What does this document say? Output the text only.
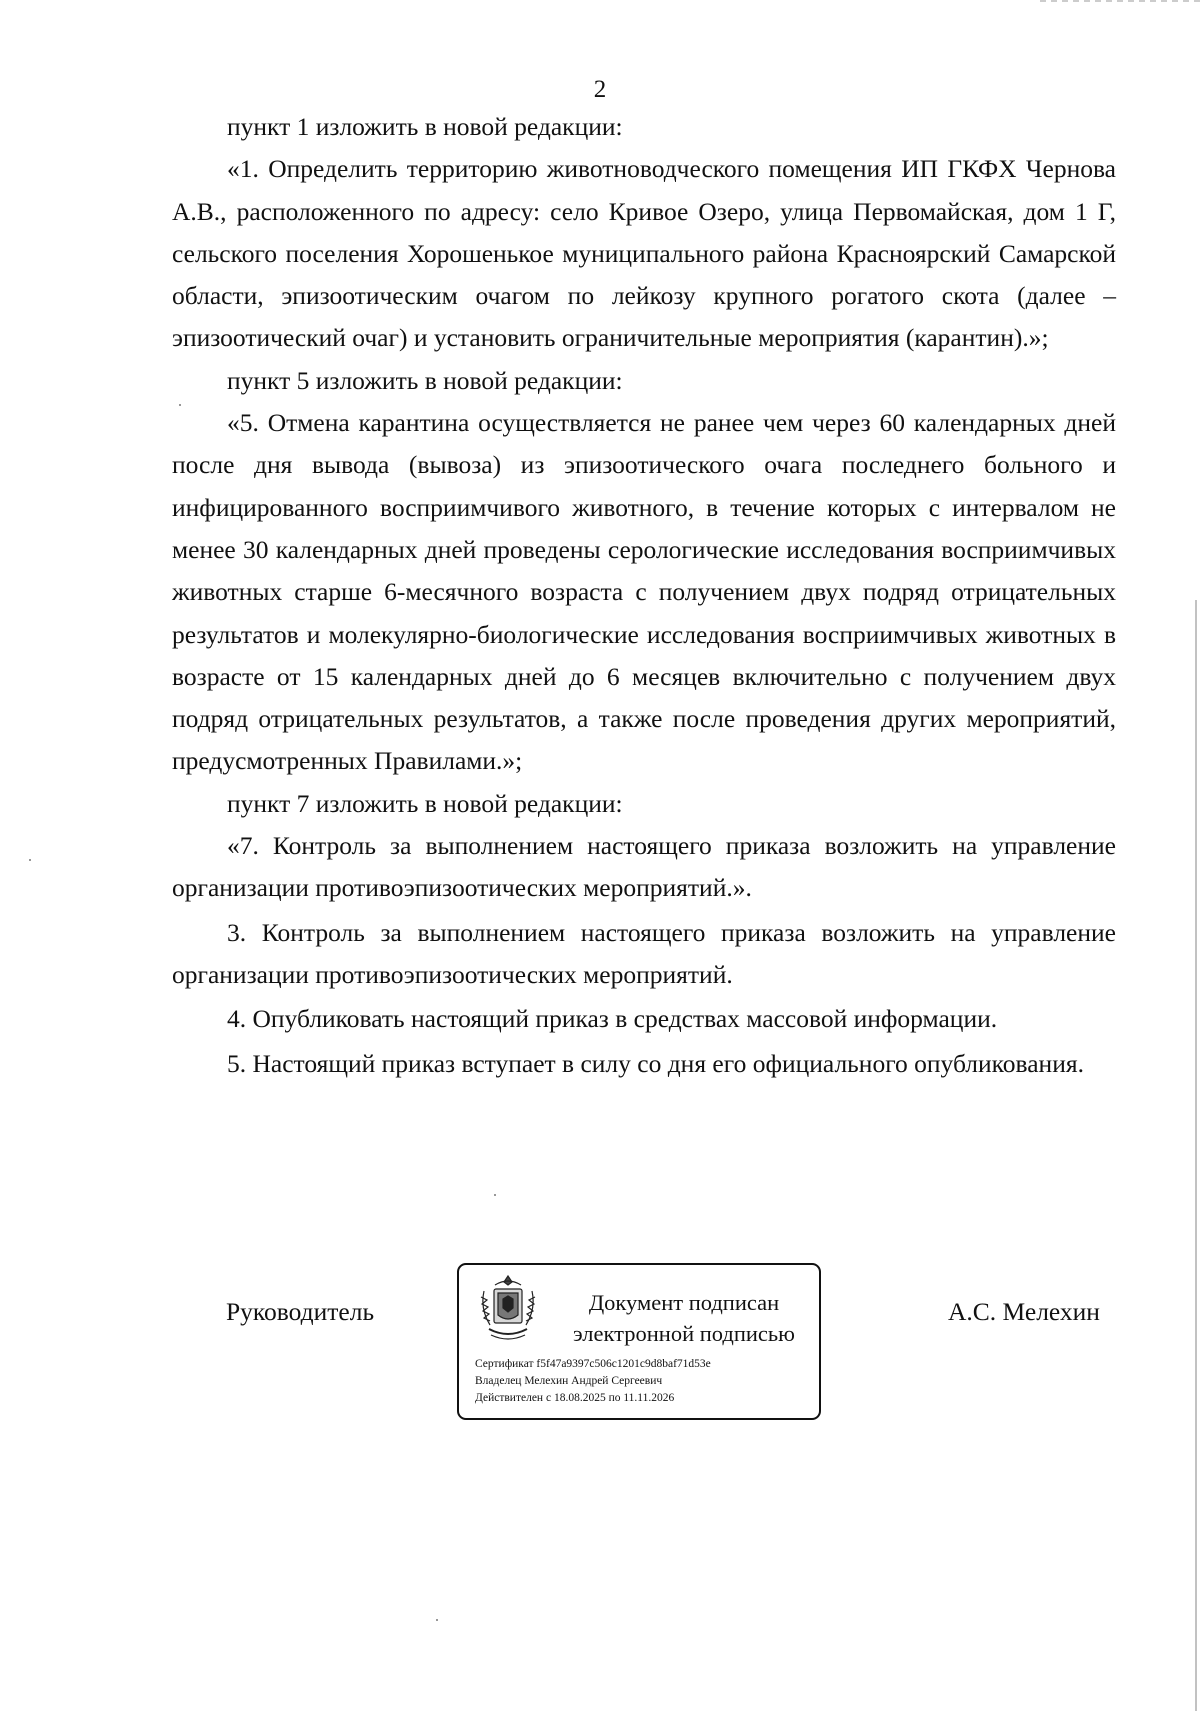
2

пункт 1 изложить в новой редакции:

«1. Определить территорию животноводческого помещения ИП ГКФХ Чернова А.В., расположенного по адресу: село Кривое Озеро, улица Первомайская, дом 1 Г, сельского поселения Хорошенькое муниципального района Красноярский Самарской области, эпизоотическим очагом по лейкозу крупного рогатого скота (далее – эпизоотический очаг) и установить ограничительные мероприятия (карантин).»;

пункт 5 изложить в новой редакции:

«5. Отмена карантина осуществляется не ранее чем через 60 календарных дней после дня вывода (вывоза) из эпизоотического очага последнего больного и инфицированного восприимчивого животного, в течение которых с интервалом не менее 30 календарных дней проведены серологические исследования восприимчивых животных старше 6-месячного возраста с получением двух подряд отрицательных результатов и молекулярно-биологические исследования восприимчивых животных в возрасте от 15 календарных дней до 6 месяцев включительно с получением двух подряд отрицательных результатов, а также после проведения других мероприятий, предусмотренных Правилами.»;

пункт 7 изложить в новой редакции:

«7. Контроль за выполнением настоящего приказа возложить на управление организации противоэпизоотических мероприятий.».

3. Контроль за выполнением настоящего приказа возложить на управление организации противоэпизоотических мероприятий.

4. Опубликовать настоящий приказ в средствах массовой информации.

5. Настоящий приказ вступает в силу со дня его официального опубликования.

Руководитель	Документ подписан
электронной подписью
Сертификат f5f47a9397c506c1201c9d8baf71d53e
Владелец Мелехин Андрей Сергеевич
Действителен с 18.08.2025 по 11.11.2026
А.С. Мелехин
